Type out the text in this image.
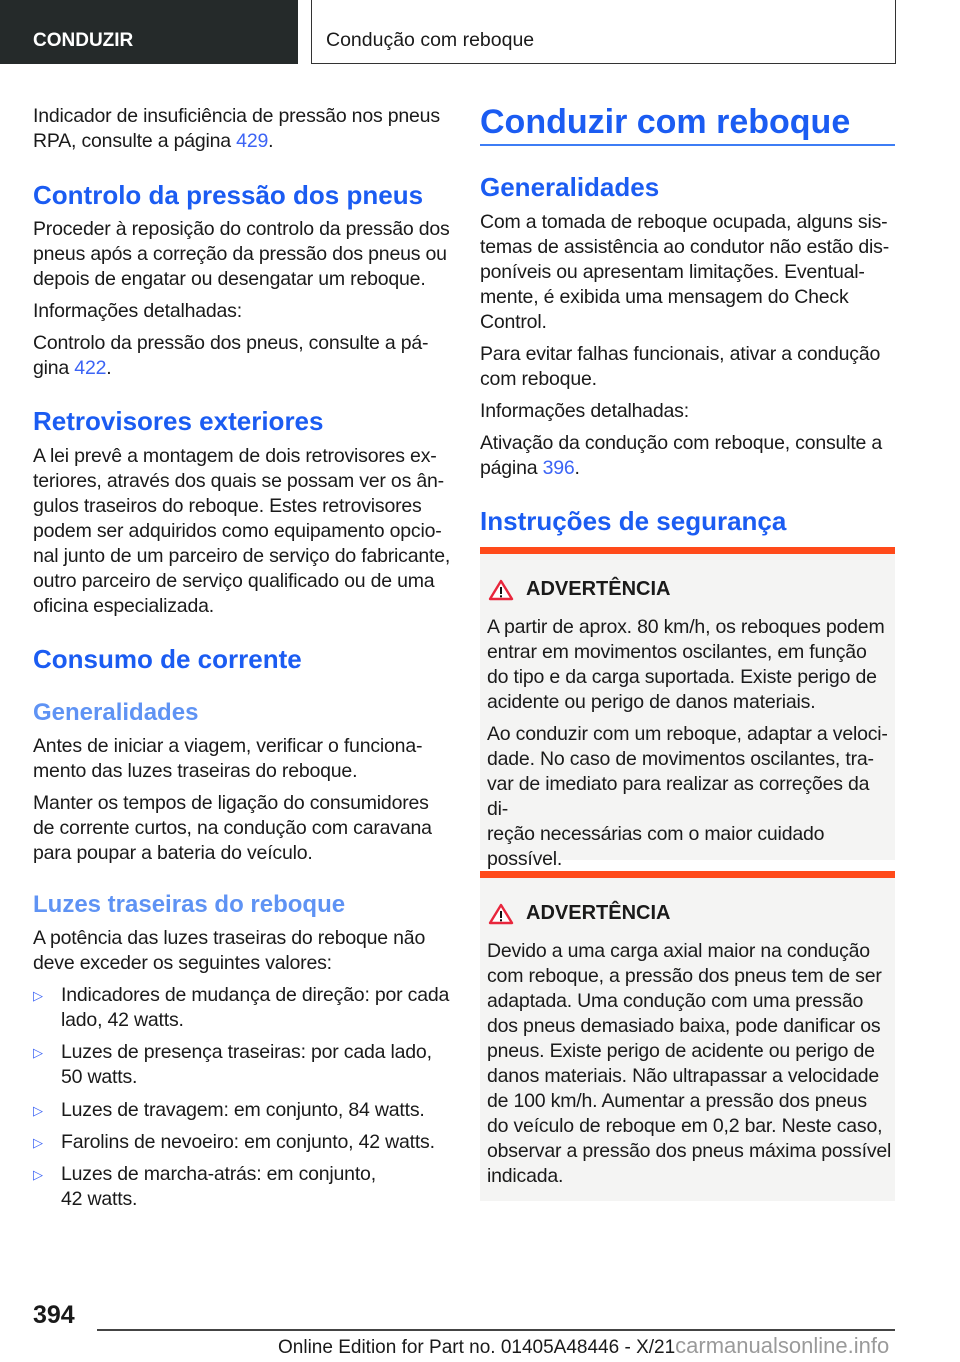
CONDUZIR	Condução com reboque
Indicador de insuficiência de pressão nos pneus
RPA, consulte a página 429.
Controlo da pressão dos pneus
Proceder à reposição do controlo da pressão dos
pneus após a correção da pressão dos pneus ou
depois de engatar ou desengatar um reboque.
Informações detalhadas:
Controlo da pressão dos pneus, consulte a pá-
gina 422.
Retrovisores exteriores
A lei prevê a montagem de dois retrovisores ex-
teriores, através dos quais se possam ver os ân-
gulos traseiros do reboque. Estes retrovisores
podem ser adquiridos como equipamento opcio-
nal junto de um parceiro de serviço do fabricante,
outro parceiro de serviço qualificado ou de uma
oficina especializada.
Consumo de corrente
Generalidades
Antes de iniciar a viagem, verificar o funciona-
mento das luzes traseiras do reboque.
Manter os tempos de ligação do consumidores
de corrente curtos, na condução com caravana
para poupar a bateria do veículo.
Luzes traseiras do reboque
A potência das luzes traseiras do reboque não
deve exceder os seguintes valores:
▷ Indicadores de mudança de direção: por cada
lado, 42 watts.
▷ Luzes de presença traseiras: por cada lado,
50 watts.
▷ Luzes de travagem: em conjunto, 84 watts.
▷ Farolins de nevoeiro: em conjunto, 42 watts.
▷ Luzes de marcha-atrás: em conjunto,
42 watts.
Conduzir com reboque
Generalidades
Com a tomada de reboque ocupada, alguns sis-
temas de assistência ao condutor não estão dis-
poníveis ou apresentam limitações. Eventual-
mente, é exibida uma mensagem do Check
Control.
Para evitar falhas funcionais, ativar a condução
com reboque.
Informações detalhadas:
Ativação da condução com reboque, consulte a
página 396.
Instruções de segurança
ADVERTÊNCIA
A partir de aprox. 80 km/h, os reboques podem
entrar em movimentos oscilantes, em função
do tipo e da carga suportada. Existe perigo de
acidente ou perigo de danos materiais.
Ao conduzir com um reboque, adaptar a veloci-
dade. No caso de movimentos oscilantes, tra-
var de imediato para realizar as correções da di-
reção necessárias com o maior cuidado
possível.
ADVERTÊNCIA
Devido a uma carga axial maior na condução
com reboque, a pressão dos pneus tem de ser
adaptada. Uma condução com uma pressão
dos pneus demasiado baixa, pode danificar os
pneus. Existe perigo de acidente ou perigo de
danos materiais. Não ultrapassar a velocidade
de 100 km/h. Aumentar a pressão dos pneus
do veículo de reboque em 0,2 bar. Neste caso,
observar a pressão dos pneus máxima possível
indicada.
394
Online Edition for Part no. 01405A48446 - X/21carmanualsonline.info
